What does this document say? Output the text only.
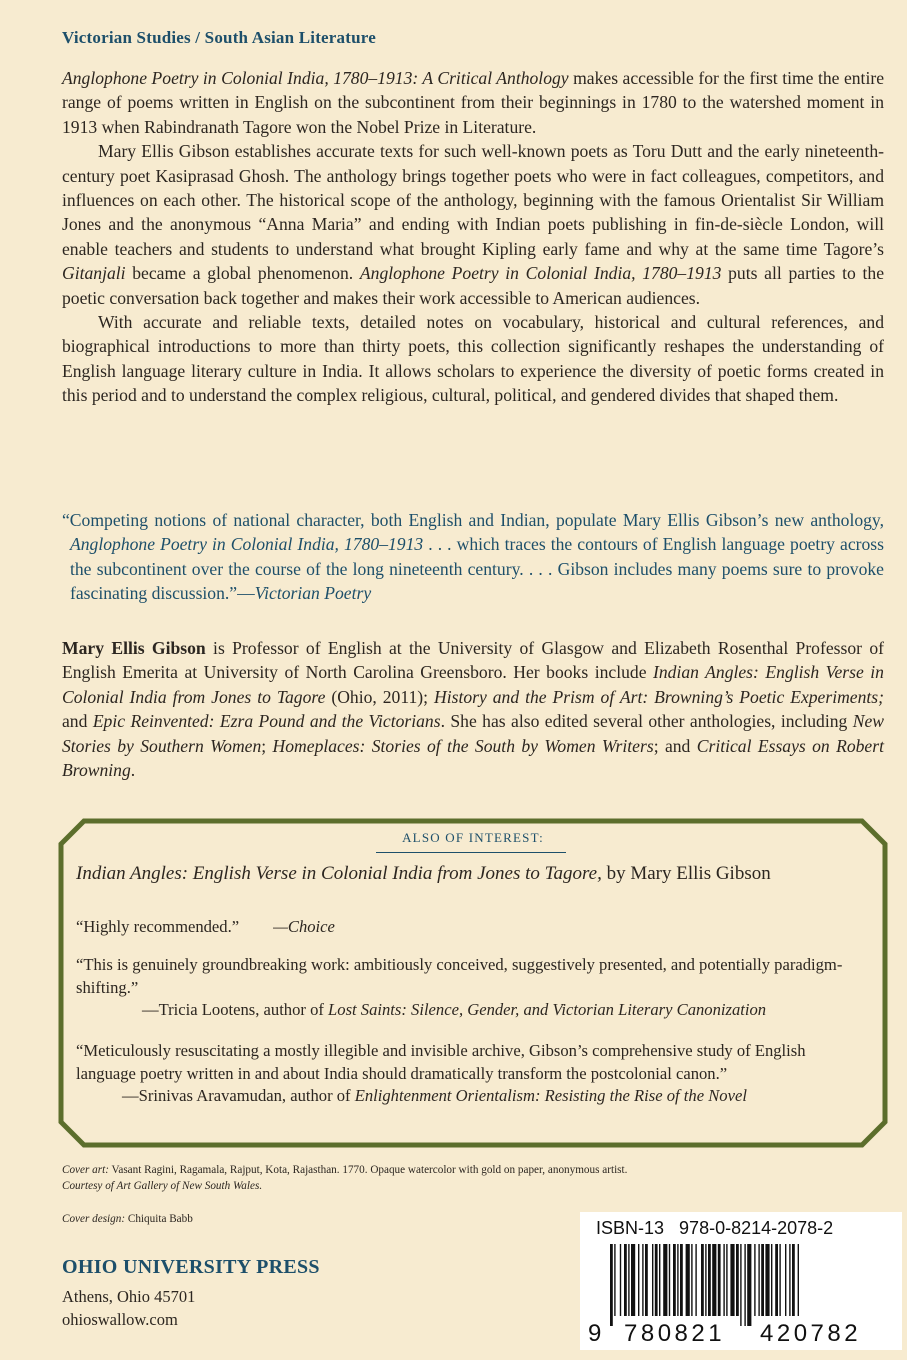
Victorian Studies / South Asian Literature

Anglophone Poetry in Colonial India, 1780–1913: A Critical Anthology makes accessible for the first time the entire range of poems written in English on the subcontinent from their beginnings in 1780 to the watershed moment in 1913 when Rabindranath Tagore won the Nobel Prize in Literature.

Mary Ellis Gibson establishes accurate texts for such well-known poets as Toru Dutt and the early nineteenth-century poet Kasiprasad Ghosh. The anthology brings together poets who were in fact colleagues, competitors, and influences on each other. The historical scope of the anthology, beginning with the famous Orientalist Sir William Jones and the anonymous “Anna Maria” and ending with Indian poets publishing in fin-de-siècle London, will enable teachers and students to understand what brought Kipling early fame and why at the same time Tagore’s Gitanjali became a global phenomenon. Anglophone Poetry in Colonial India, 1780–1913 puts all parties to the poetic conversation back together and makes their work accessible to American audiences.

With accurate and reliable texts, detailed notes on vocabulary, historical and cultural references, and biographical introductions to more than thirty poets, this collection significantly reshapes the understanding of English language literary culture in India. It allows scholars to experience the diversity of poetic forms created in this period and to understand the complex religious, cultural, political, and gendered divides that shaped them.

“Competing notions of national character, both English and Indian, populate Mary Ellis Gibson’s new anthology, Anglophone Poetry in Colonial India, 1780–1913 . . . which traces the contours of English language poetry across the subcontinent over the course of the long nineteenth century. . . . Gibson includes many poems sure to provoke fascinating discussion.”—Victorian Poetry
Mary Ellis Gibson is Professor of English at the University of Glasgow and Elizabeth Rosenthal Professor of English Emerita at University of North Carolina Greensboro. Her books include Indian Angles: English Verse in Colonial India from Jones to Tagore (Ohio, 2011); History and the Prism of Art: Browning’s Poetic Experiments; and Epic Reinvented: Ezra Pound and the Victorians. She has also edited several other anthologies, including New Stories by Southern Women; Homeplaces: Stories of the South by Women Writers; and Critical Essays on Robert Browning.
ALSO OF INTEREST:
Indian Angles: English Verse in Colonial India from Jones to Tagore, by Mary Ellis Gibson
“Highly recommended.” —Choice
“This is genuinely groundbreaking work: ambitiously conceived, suggestively presented, and potentially paradigm-shifting.”
—Tricia Lootens, author of Lost Saints: Silence, Gender, and Victorian Literary Canonization
“Meticulously resuscitating a mostly illegible and invisible archive, Gibson’s comprehensive study of English language poetry written in and about India should dramatically transform the postcolonial canon.”
—Srinivas Aravamudan, author of Enlightenment Orientalism: Resisting the Rise of the Novel
Cover art: Vasant Ragini, Ragamala, Rajput, Kota, Rajasthan. 1770. Opaque watercolor with gold on paper, anonymous artist.
Courtesy of Art Gallery of New South Wales.
Cover design: Chiquita Babb
OHIO UNIVERSITY PRESS
Athens, Ohio 45701
ohioswallow.com
ISBN-13 978-0-8214-2078-2
9 780821 420782
